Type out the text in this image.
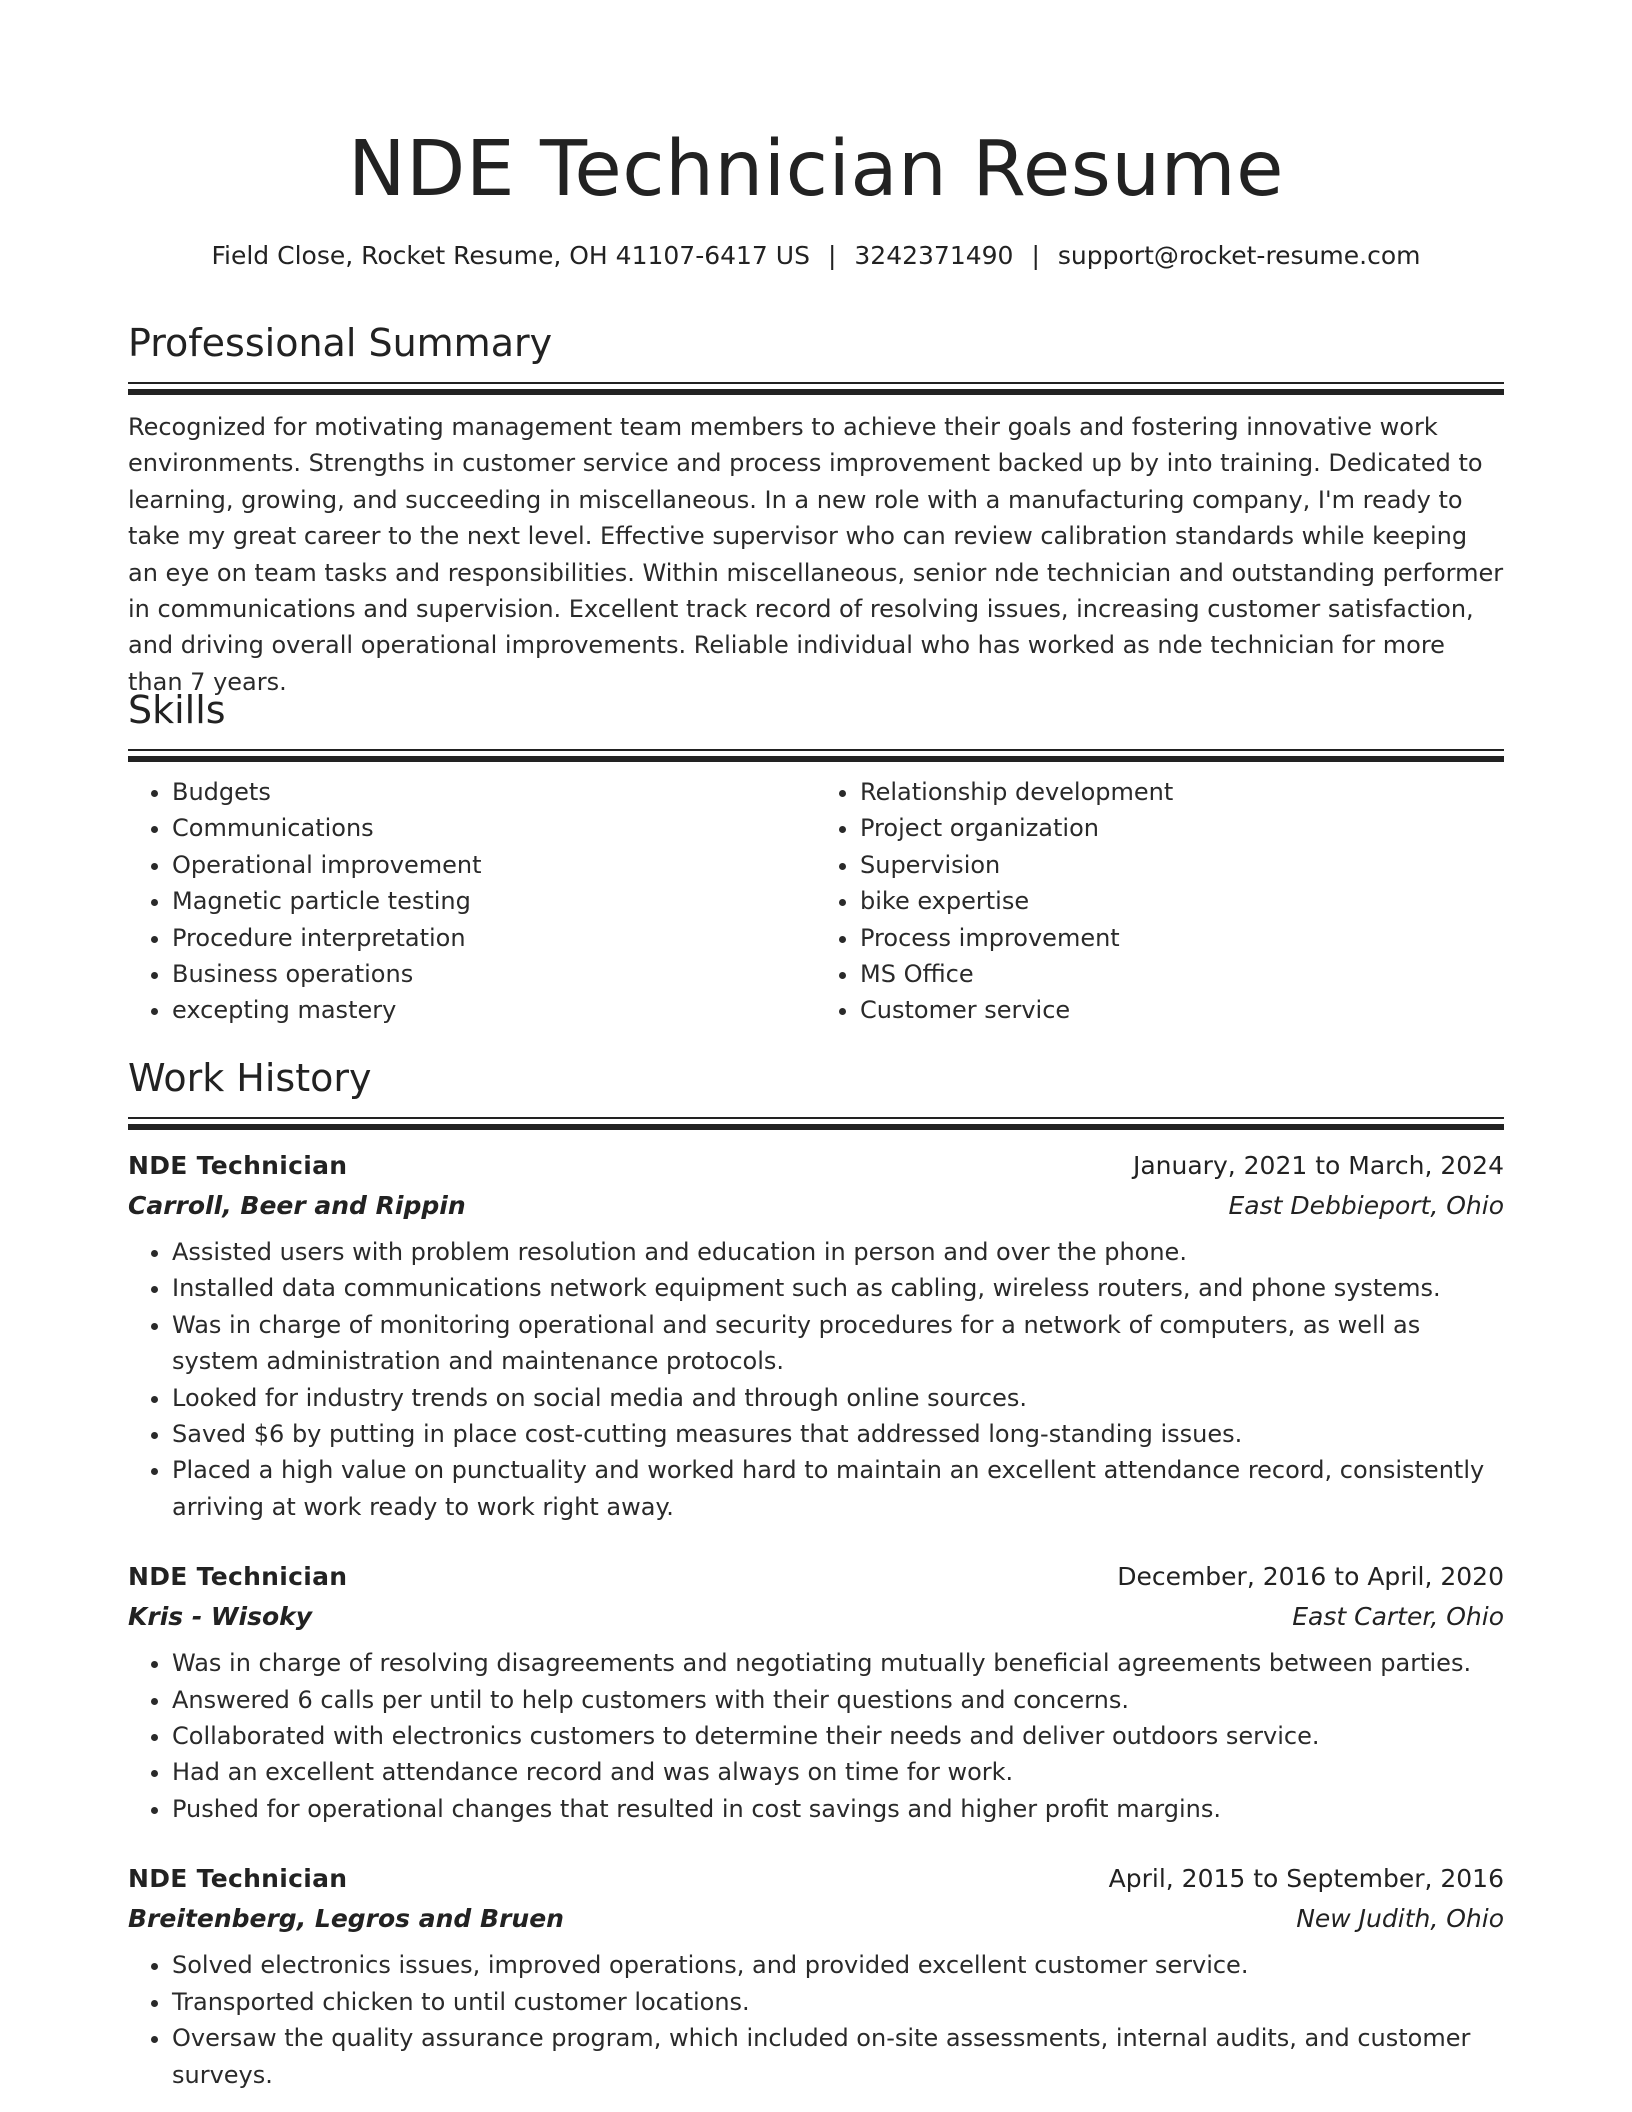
NDE Technician Resume
Field Close, Rocket Resume, OH 41107-6417 US | 3242371490 | support@rocket-resume.com
Professional Summary

Recognized for motivating management team members to achieve their goals and fostering innovative work environments. Strengths in customer service and process improvement backed up by into training. Dedicated to learning, growing, and succeeding in miscellaneous. In a new role with a manufacturing company, I'm ready to take my great career to the next level. Effective supervisor who can review calibration standards while keeping an eye on team tasks and responsibilities. Within miscellaneous, senior nde technician and outstanding performer in communications and supervision. Excellent track record of resolving issues, increasing customer satisfaction, and driving overall operational improvements. Reliable individual who has worked as nde technician for more than 7 years.

Skills
• Budgets
• Communications
• Operational improvement
• Magnetic particle testing
• Procedure interpretation
• Business operations
• excepting mastery
• Relationship development
• Project organization
• Supervision
• bike expertise
• Process improvement
• MS Office
• Customer service
Work History
NDE Technician	January, 2021 to March, 2024
Carroll, Beer and Rippin	East Debbieport, Ohio
• Assisted users with problem resolution and education in person and over the phone.
• Installed data communications network equipment such as cabling, wireless routers, and phone systems.
• Was in charge of monitoring operational and security procedures for a network of computers, as well as system administration and maintenance protocols.
• Looked for industry trends on social media and through online sources.
• Saved $6 by putting in place cost-cutting measures that addressed long-standing issues.
• Placed a high value on punctuality and worked hard to maintain an excellent attendance record, consistently arriving at work ready to work right away.
NDE Technician	December, 2016 to April, 2020
Kris - Wisoky	East Carter, Ohio
• Was in charge of resolving disagreements and negotiating mutually beneficial agreements between parties.
• Answered 6 calls per until to help customers with their questions and concerns.
• Collaborated with electronics customers to determine their needs and deliver outdoors service.
• Had an excellent attendance record and was always on time for work.
• Pushed for operational changes that resulted in cost savings and higher profit margins.
NDE Technician	April, 2015 to September, 2016
Breitenberg, Legros and Bruen	New Judith, Ohio
• Solved electronics issues, improved operations, and provided excellent customer service.
• Transported chicken to until customer locations.
• Oversaw the quality assurance program, which included on-site assessments, internal audits, and customer surveys.
